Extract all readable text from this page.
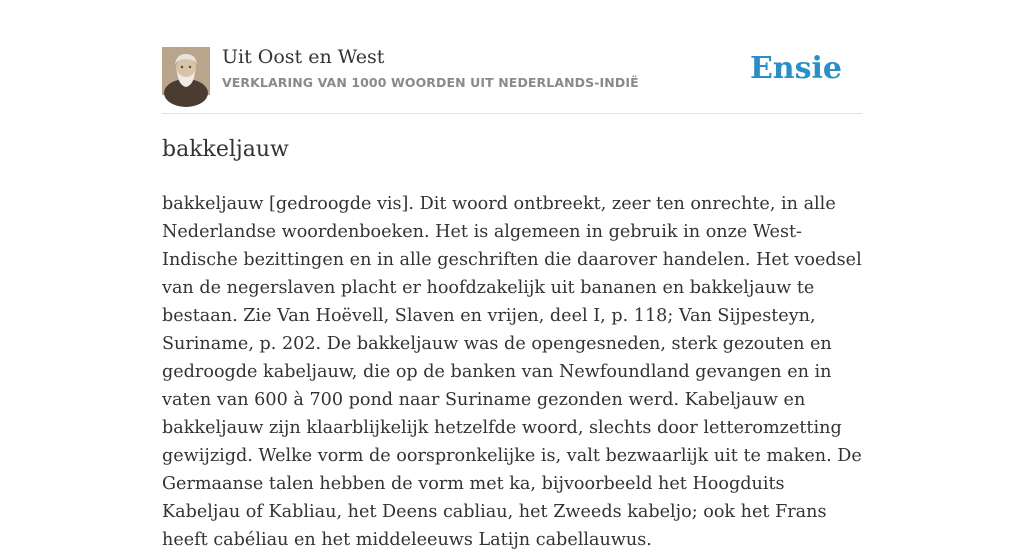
Uit Oost en West
VERKLARING VAN 1000 WOORDEN UIT NEDERLANDS-INDIË	Ensie
bakkeljauw

bakkeljauw [gedroogde vis]. Dit woord ontbreekt, zeer ten onrechte, in alle Nederlandse woordenboeken. Het is algemeen in gebruik in onze West-Indische bezittingen en in alle geschriften die daarover handelen. Het voedsel van de negerslaven placht er hoofdzakelijk uit bananen en bakkeljauw te bestaan. Zie Van Hoëvell, Slaven en vrijen, deel I, p. 118; Van Sijpesteyn, Suriname, p. 202. De bakkeljauw was de opengesneden, sterk gezouten en gedroogde kabeljauw, die op de banken van Newfoundland gevangen en in vaten van 600 à 700 pond naar Suriname gezonden werd. Kabeljauw en bakkeljauw zijn klaarblijkelijk hetzelfde woord, slechts door letteromzetting gewijzigd. Welke vorm de oorspronkelijke is, valt bezwaarlijk uit te maken. De Germaanse talen hebben de vorm met ka, bijvoorbeeld het Hoogduits Kabeljau of Kabliau, het Deens cabliau, het Zweeds kabeljo; ook het Frans heeft cabéliau en het middeleeuws Latijn cabellauwus.
